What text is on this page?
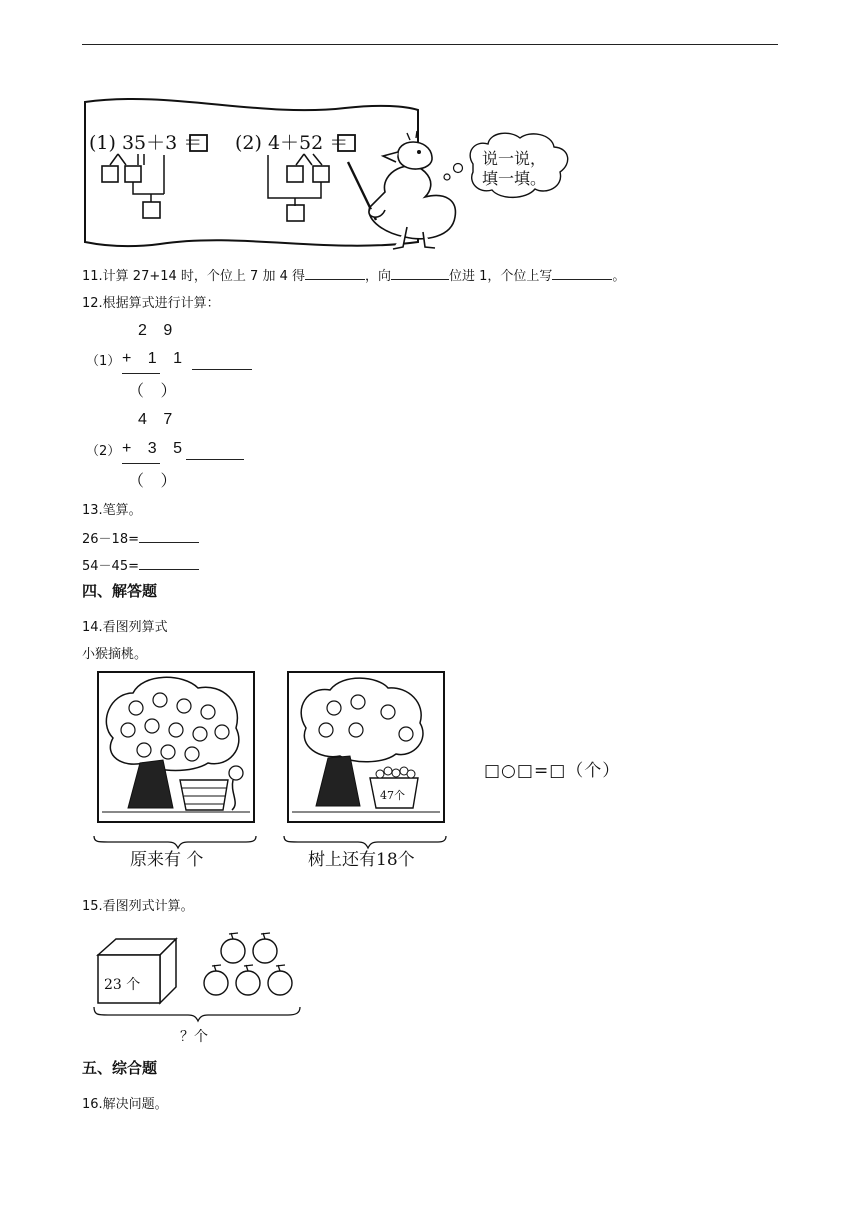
(1) 35＋3 ＝ (2) 4＋52 ＝
说一说，
填一填。
11.计算 27+14 时，个位上 7 加 4 得	，向	位进 1，个位上写	。
12.根据算式进行计算：
（1）
2 9
+ 1 1
（ ）
（2）
4 7
+ 3 5
（ ）
13.笔算。
26－18=
54－45=
四、解答题
14.看图列算式
小猴摘桃。
47个
原来有 个	树上还有18个
□○□=□（个）
15.看图列式计算。
23 个
？个
五、综合题
16.解决问题。
